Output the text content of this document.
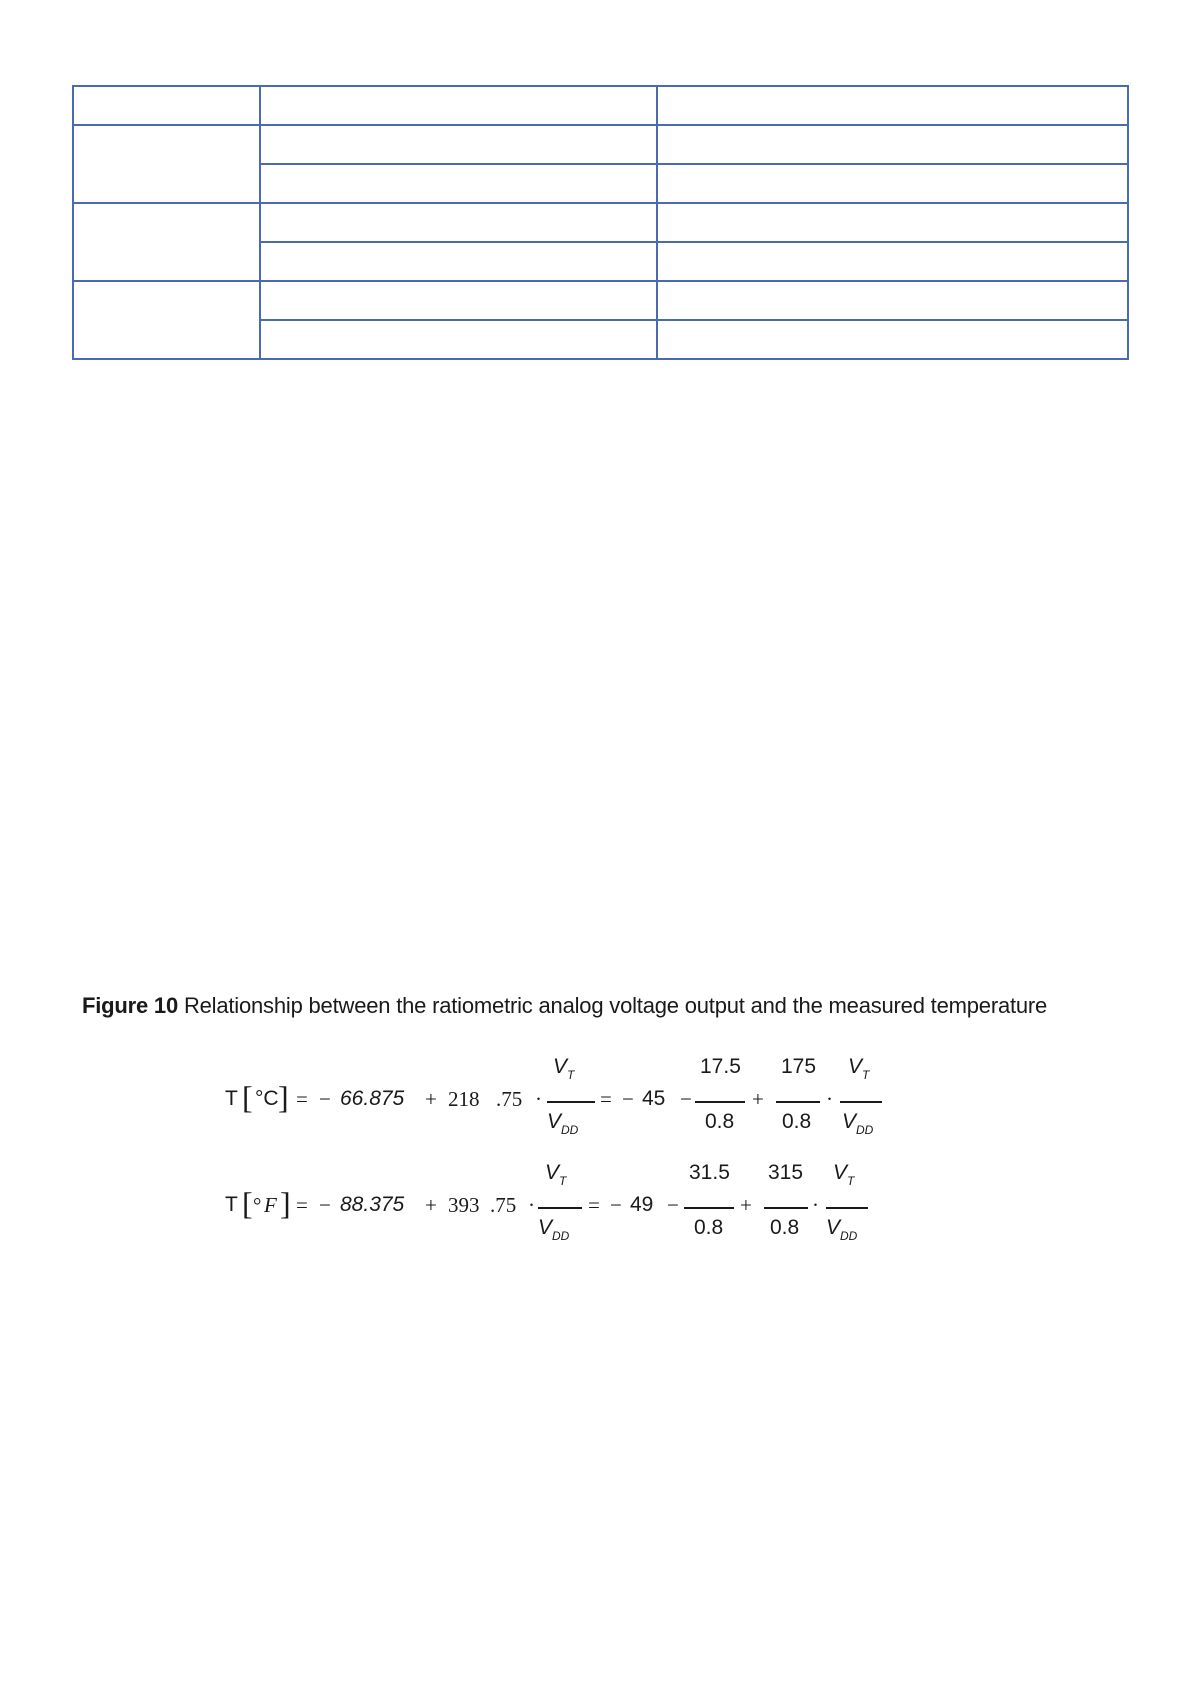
Figure 10 Relationship between the ratiometric analog voltage output and the measured temperature
T [ °C ] = − 66.875 + 218 .75 ·
$V_T$
$V_{DD}$
= − 45 −
17.5
0.8
+
175
0.8
·
$V_T$
$V_{DD}$
T [ ° F ] = − 88.375 + 393 .75 ·
$V_T$
$V_{DD}$
= − 49 −
31.5
0.8
+
315
0.8
·
$V_T$
$V_{DD}$
